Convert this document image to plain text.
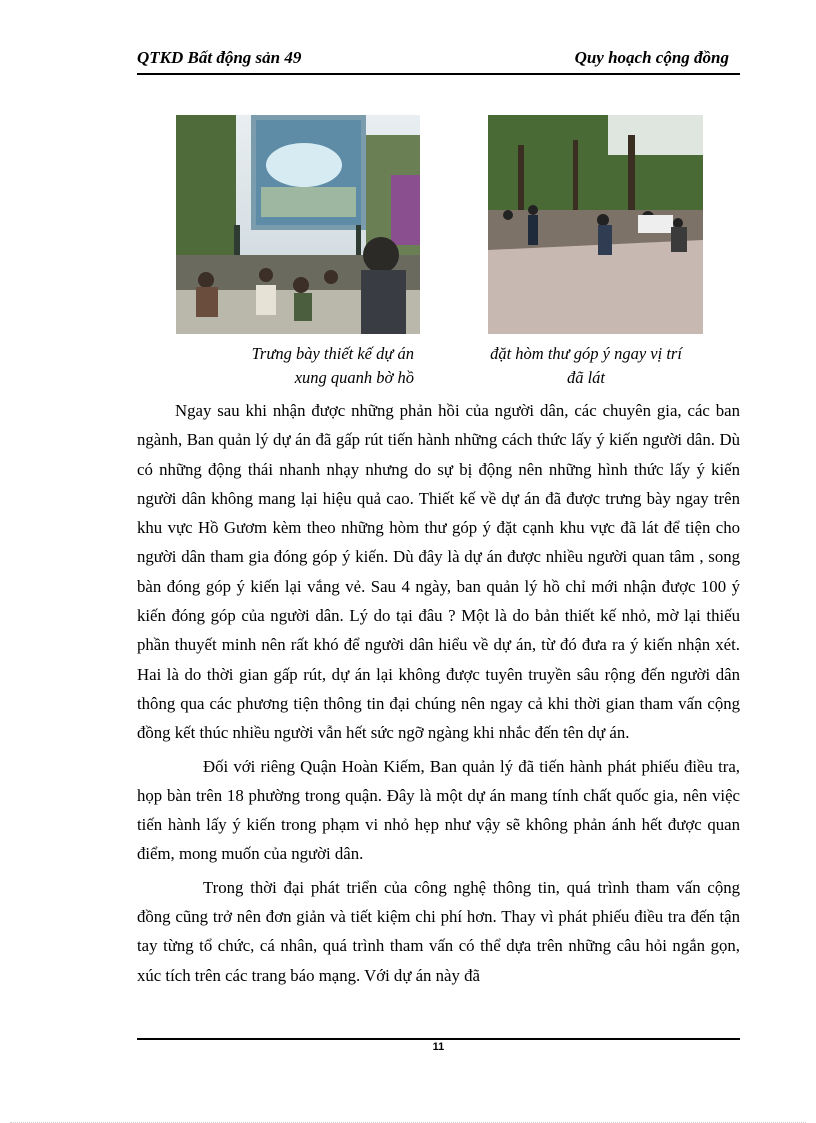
QTKD Bất động sản 49	Quy hoạch cộng đồng
Trưng bày thiết kế dự án
xung quanh bờ hồ
đặt hòm thư góp ý ngay vị trí
đã lát

Ngay sau khi nhận được những phản hồi của người dân, các chuyên gia, các ban ngành, Ban quản lý dự án đã gấp rút tiến hành những cách thức lấy ý kiến người dân. Dù có những động thái nhanh nhạy nhưng do sự bị động nên những hình thức lấy ý kiến người dân không mang lại hiệu quả cao. Thiết kế về dự án đã được trưng bày ngay trên khu vực Hồ Gươm kèm theo những hòm thư góp ý đặt cạnh khu vực đã lát để tiện cho người dân tham gia đóng góp ý kiến. Dù đây là dự án được nhiều người quan tâm , song bàn đóng góp ý kiến lại vắng vẻ. Sau 4 ngày, ban quản lý hồ chỉ mới nhận được 100 ý kiến đóng góp của người dân. Lý do tại đâu ? Một là do bản thiết kế nhỏ, mờ lại thiếu phần thuyết minh nên rất khó để người dân hiểu về dự án, từ đó đưa ra ý kiến nhận xét. Hai là do thời gian gấp rút, dự án lại không được tuyên truyền sâu rộng đến người dân thông qua các phương tiện thông tin đại chúng nên ngay cả khi thời gian tham vấn cộng đồng kết thúc nhiều người vẫn hết sức ngỡ ngàng khi nhắc đến tên dự án.

Đối với riêng Quận Hoàn Kiếm, Ban quản lý đã tiến hành phát phiếu điều tra, họp bàn trên 18 phường trong quận. Đây là một dự án mang tính chất quốc gia, nên việc tiến hành lấy ý kiến trong phạm vi nhỏ hẹp như vậy sẽ không phản ánh hết được quan điểm, mong muốn của người dân.

Trong thời đại phát triển của công nghệ thông tin, quá trình tham vấn cộng đồng cũng trở nên đơn giản và tiết kiệm chi phí hơn. Thay vì phát phiếu điều tra đến tận tay từng tổ chức, cá nhân, quá trình tham vấn có thể dựa trên những câu hỏi ngắn gọn, xúc tích trên các trang báo mạng. Với dự án này đã

11
